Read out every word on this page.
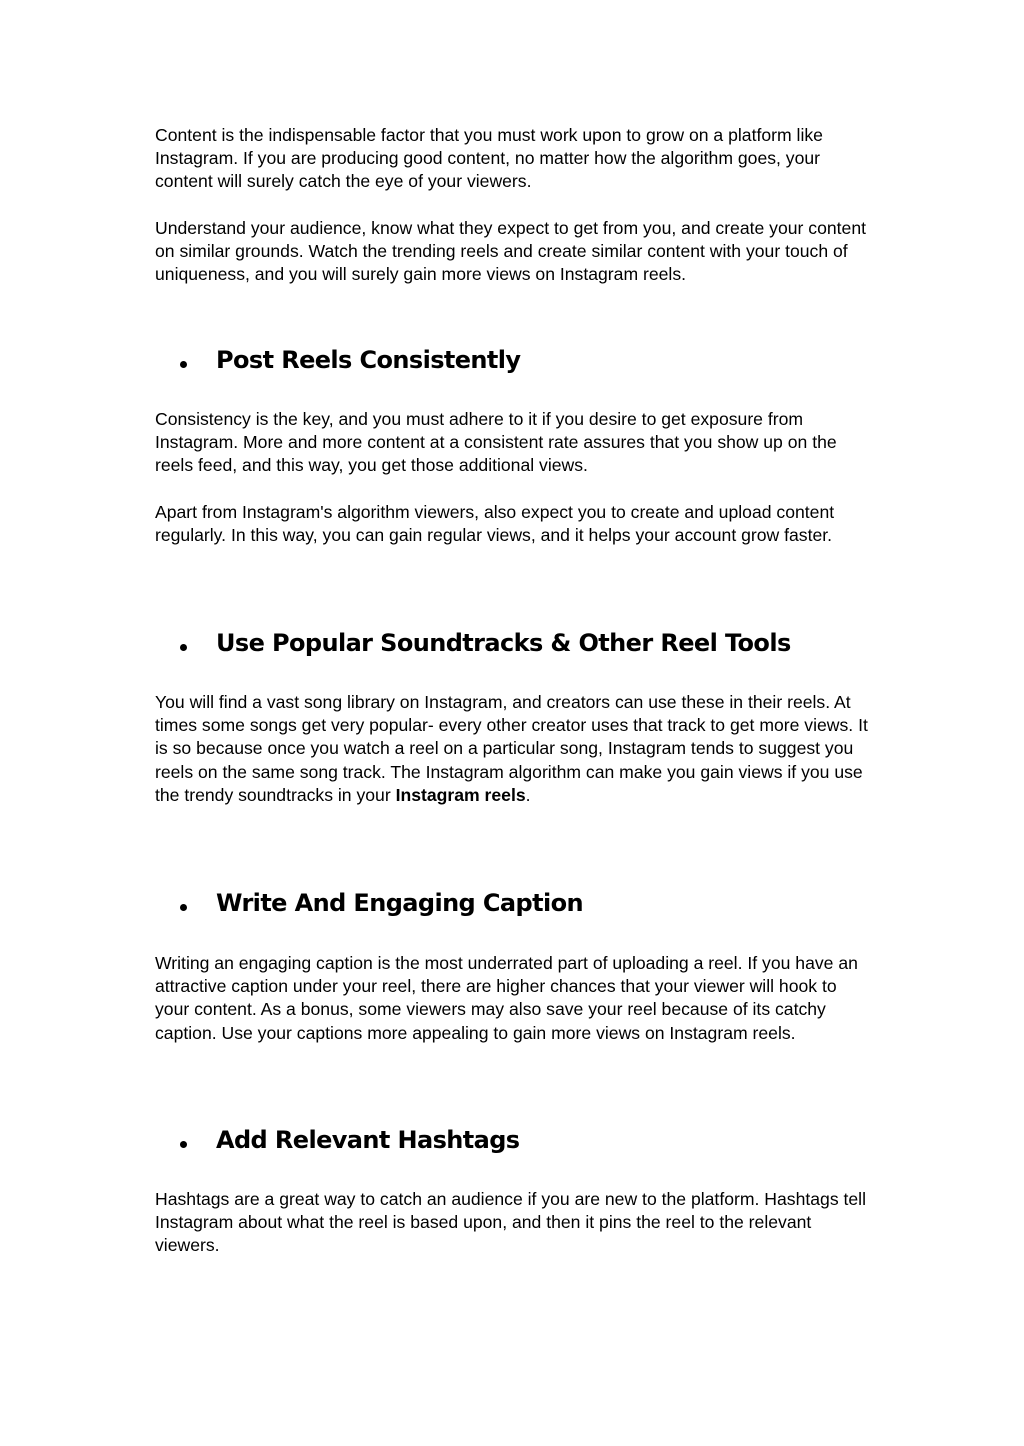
Content is the indispensable factor that you must work upon to grow on a platform like Instagram. If you are producing good content, no matter how the algorithm goes, your content will surely catch the eye of your viewers.

Understand your audience, know what they expect to get from you, and create your content on similar grounds. Watch the trending reels and create similar content with your touch of uniqueness, and you will surely gain more views on Instagram reels.

Post Reels Consistently

Consistency is the key, and you must adhere to it if you desire to get exposure from Instagram. More and more content at a consistent rate assures that you show up on the reels feed, and this way, you get those additional views.

Apart from Instagram's algorithm viewers, also expect you to create and upload content regularly. In this way, you can gain regular views, and it helps your account grow faster.

Use Popular Soundtracks & Other Reel Tools

You will find a vast song library on Instagram, and creators can use these in their reels. At times some songs get very popular- every other creator uses that track to get more views. It is so because once you watch a reel on a particular song, Instagram tends to suggest you reels on the same song track. The Instagram algorithm can make you gain views if you use the trendy soundtracks in your Instagram reels.

Write And Engaging Caption

Writing an engaging caption is the most underrated part of uploading a reel. If you have an attractive caption under your reel, there are higher chances that your viewer will hook to your content. As a bonus, some viewers may also save your reel because of its catchy caption. Use your captions more appealing to gain more views on Instagram reels.

Add Relevant Hashtags

Hashtags are a great way to catch an audience if you are new to the platform. Hashtags tell Instagram about what the reel is based upon, and then it pins the reel to the relevant viewers.
